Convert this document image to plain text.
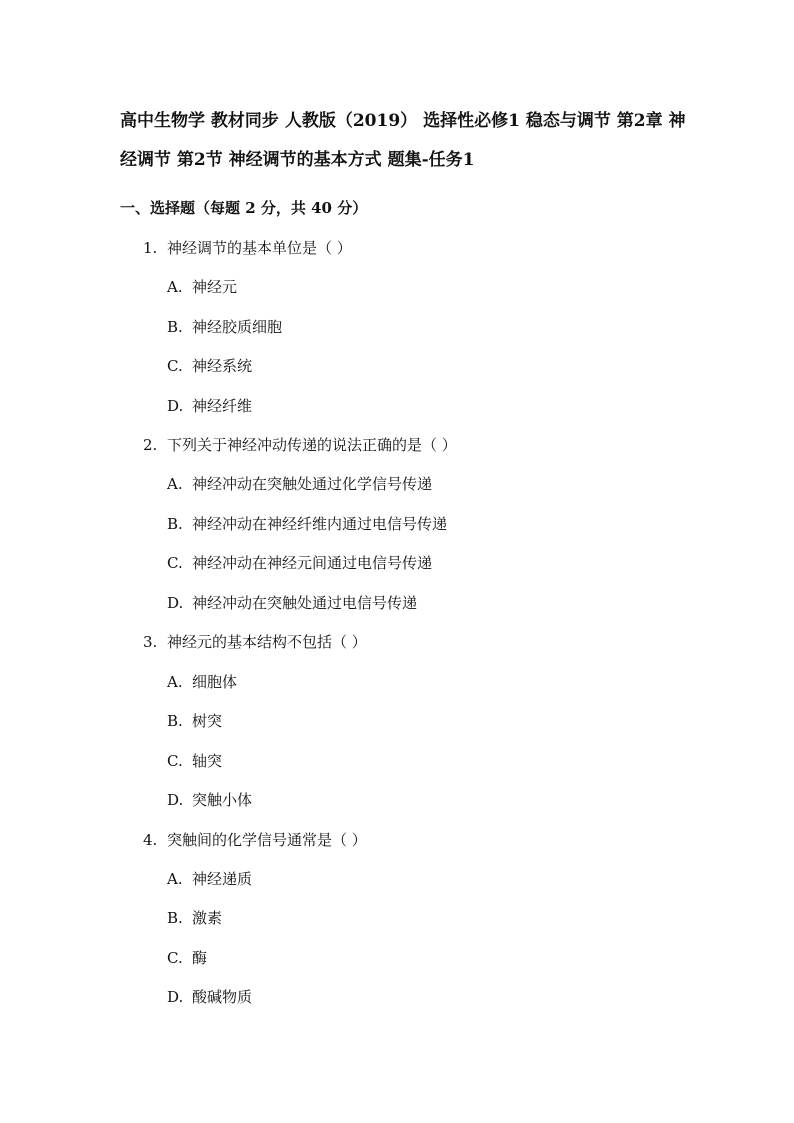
高中生物学 教材同步 人教版（2019） 选择性必修1 稳态与调节 第2章 神经调节 第2节 神经调节的基本方式 题集-任务1
一、选择题（每题 2 分，共 40 分）
1. 神经调节的基本单位是（ ）
A. 神经元
B. 神经胶质细胞
C. 神经系统
D. 神经纤维
2. 下列关于神经冲动传递的说法正确的是（ ）
A. 神经冲动在突触处通过化学信号传递
B. 神经冲动在神经纤维内通过电信号传递
C. 神经冲动在神经元间通过电信号传递
D. 神经冲动在突触处通过电信号传递
3. 神经元的基本结构不包括（ ）
A. 细胞体
B. 树突
C. 轴突
D. 突触小体
4. 突触间的化学信号通常是（ ）
A. 神经递质
B. 激素
C. 酶
D. 酸碱物质
